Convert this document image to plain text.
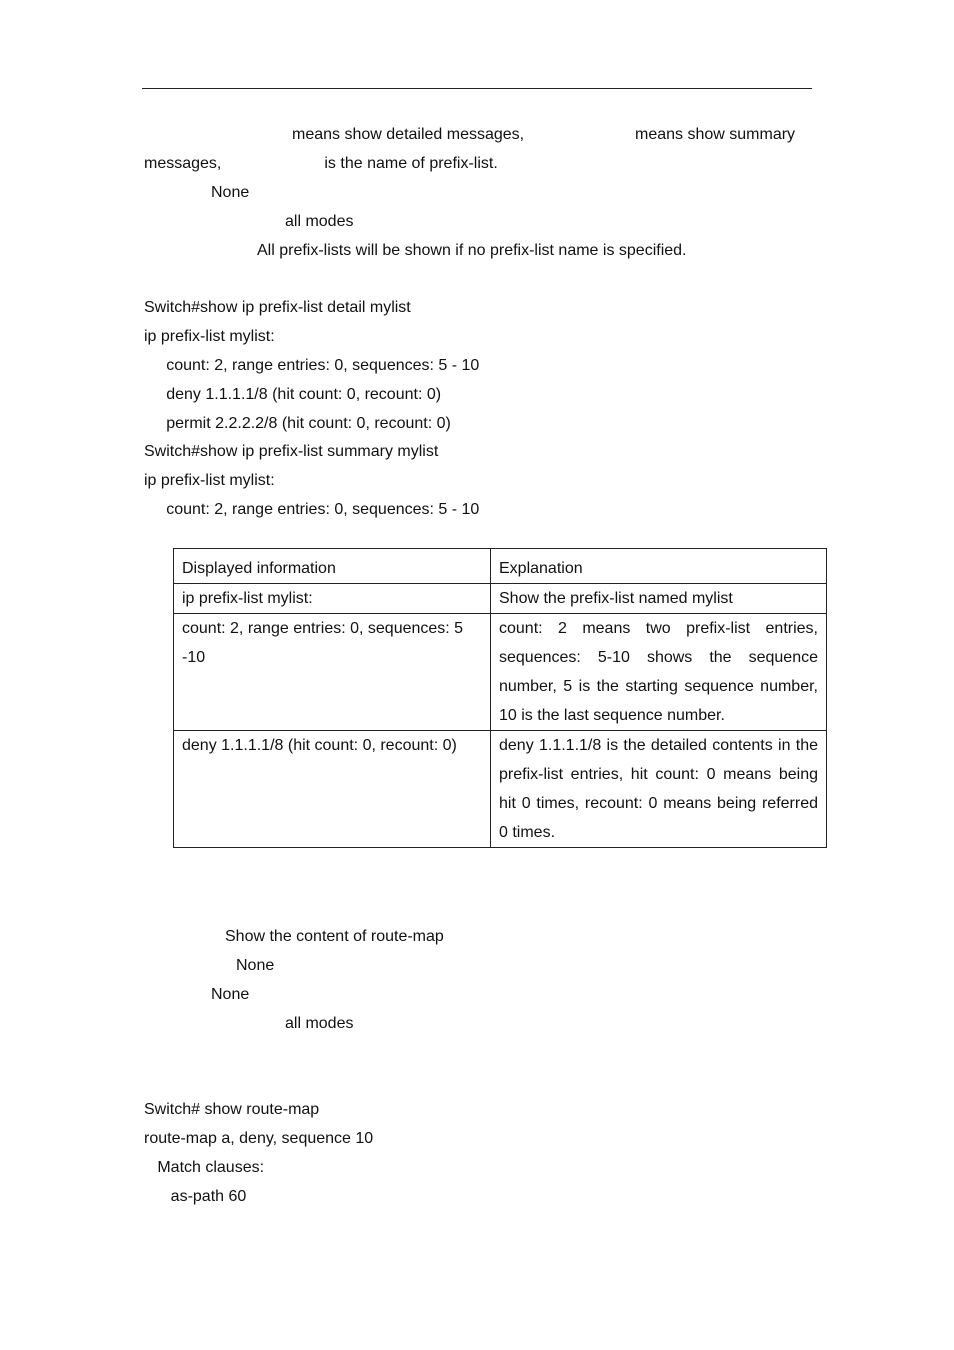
means show detailed messages,	means show summary
messages,	is the name of prefix-list.
None
all modes
All prefix-lists will be shown if no prefix-list name is specified.
Switch#show ip prefix-list detail mylist
ip prefix-list mylist:
count: 2, range entries: 0, sequences: 5 - 10
deny 1.1.1.1/8 (hit count: 0, recount: 0)
permit 2.2.2.2/8 (hit count: 0, recount: 0)
Switch#show ip prefix-list summary mylist
ip prefix-list mylist:
count: 2, range entries: 0, sequences: 5 - 10
Displayed information	Explanation
ip prefix-list mylist:	Show the prefix-list named mylist
count: 2, range entries: 0, sequences: 5 -10	count: 2 means two prefix-list entries, sequences: 5-10 shows the sequence number, 5 is the starting sequence number, 10 is the last sequence number.
deny 1.1.1.1/8 (hit count: 0, recount: 0)	deny 1.1.1.1/8 is the detailed contents in the prefix-list entries, hit count: 0 means being hit 0 times, recount: 0 means being referred 0 times.
Show the content of route-map
None
None
all modes
Switch# show route-map
route-map a, deny, sequence 10
Match clauses:
as-path 60
